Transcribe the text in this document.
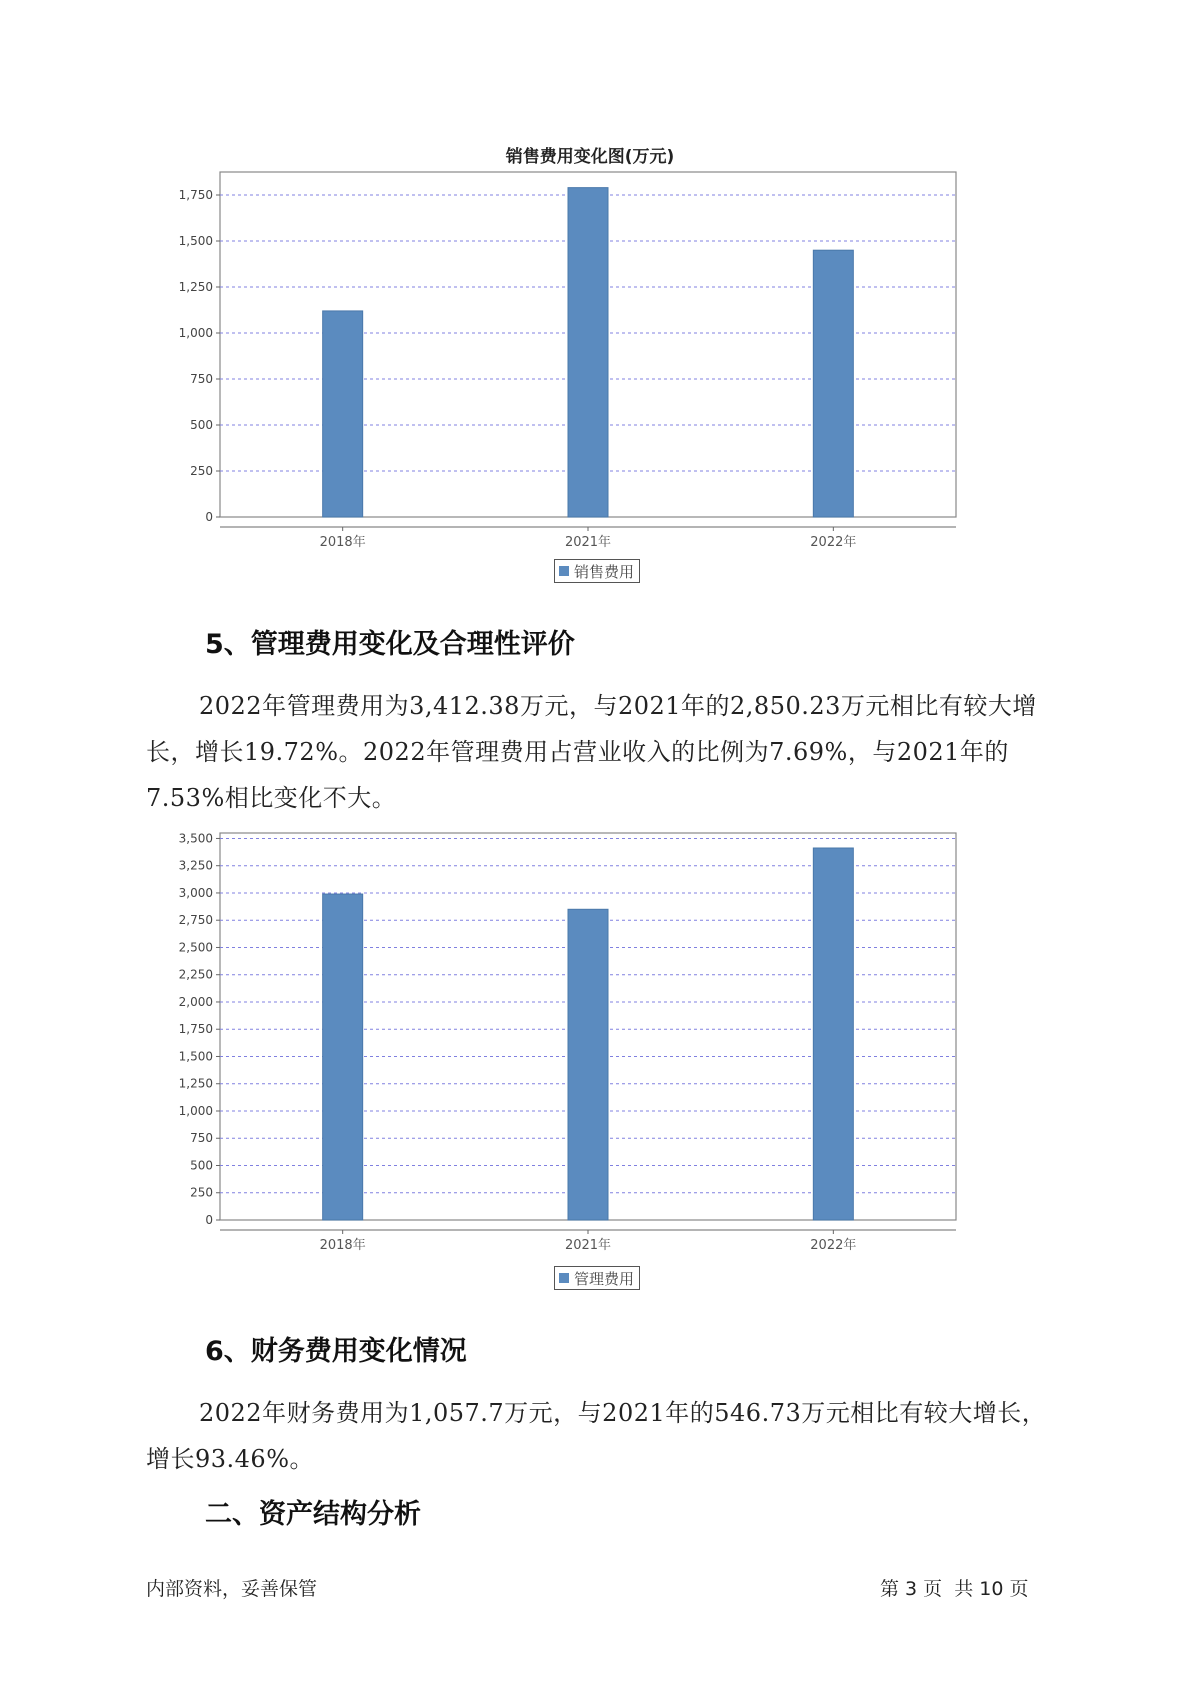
销售费用变化图(万元)
0
250
500
750
1,000
1,250
1,500
1,750
2018年	2021年	2022年
销售费用
5、管理费用变化及合理性评价
2022年管理费用为3,412.38万元，与2021年的2,850.23万元相比有较大增长，增长19.72%。2022年管理费用占营业收入的比例为7.69%，与2021年的7.53%相比变化不大。
0
250
500
750
1,000
1,250
1,500
1,750
2,000
2,250
2,500
2,750
3,000
3,250
3,500
2018年	2021年	2022年
管理费用
6、财务费用变化情况
2022年财务费用为1,057.7万元，与2021年的546.73万元相比有较大增长，增长93.46%。
二、资产结构分析
内部资料，妥善保管	第 3 页  共 10 页
